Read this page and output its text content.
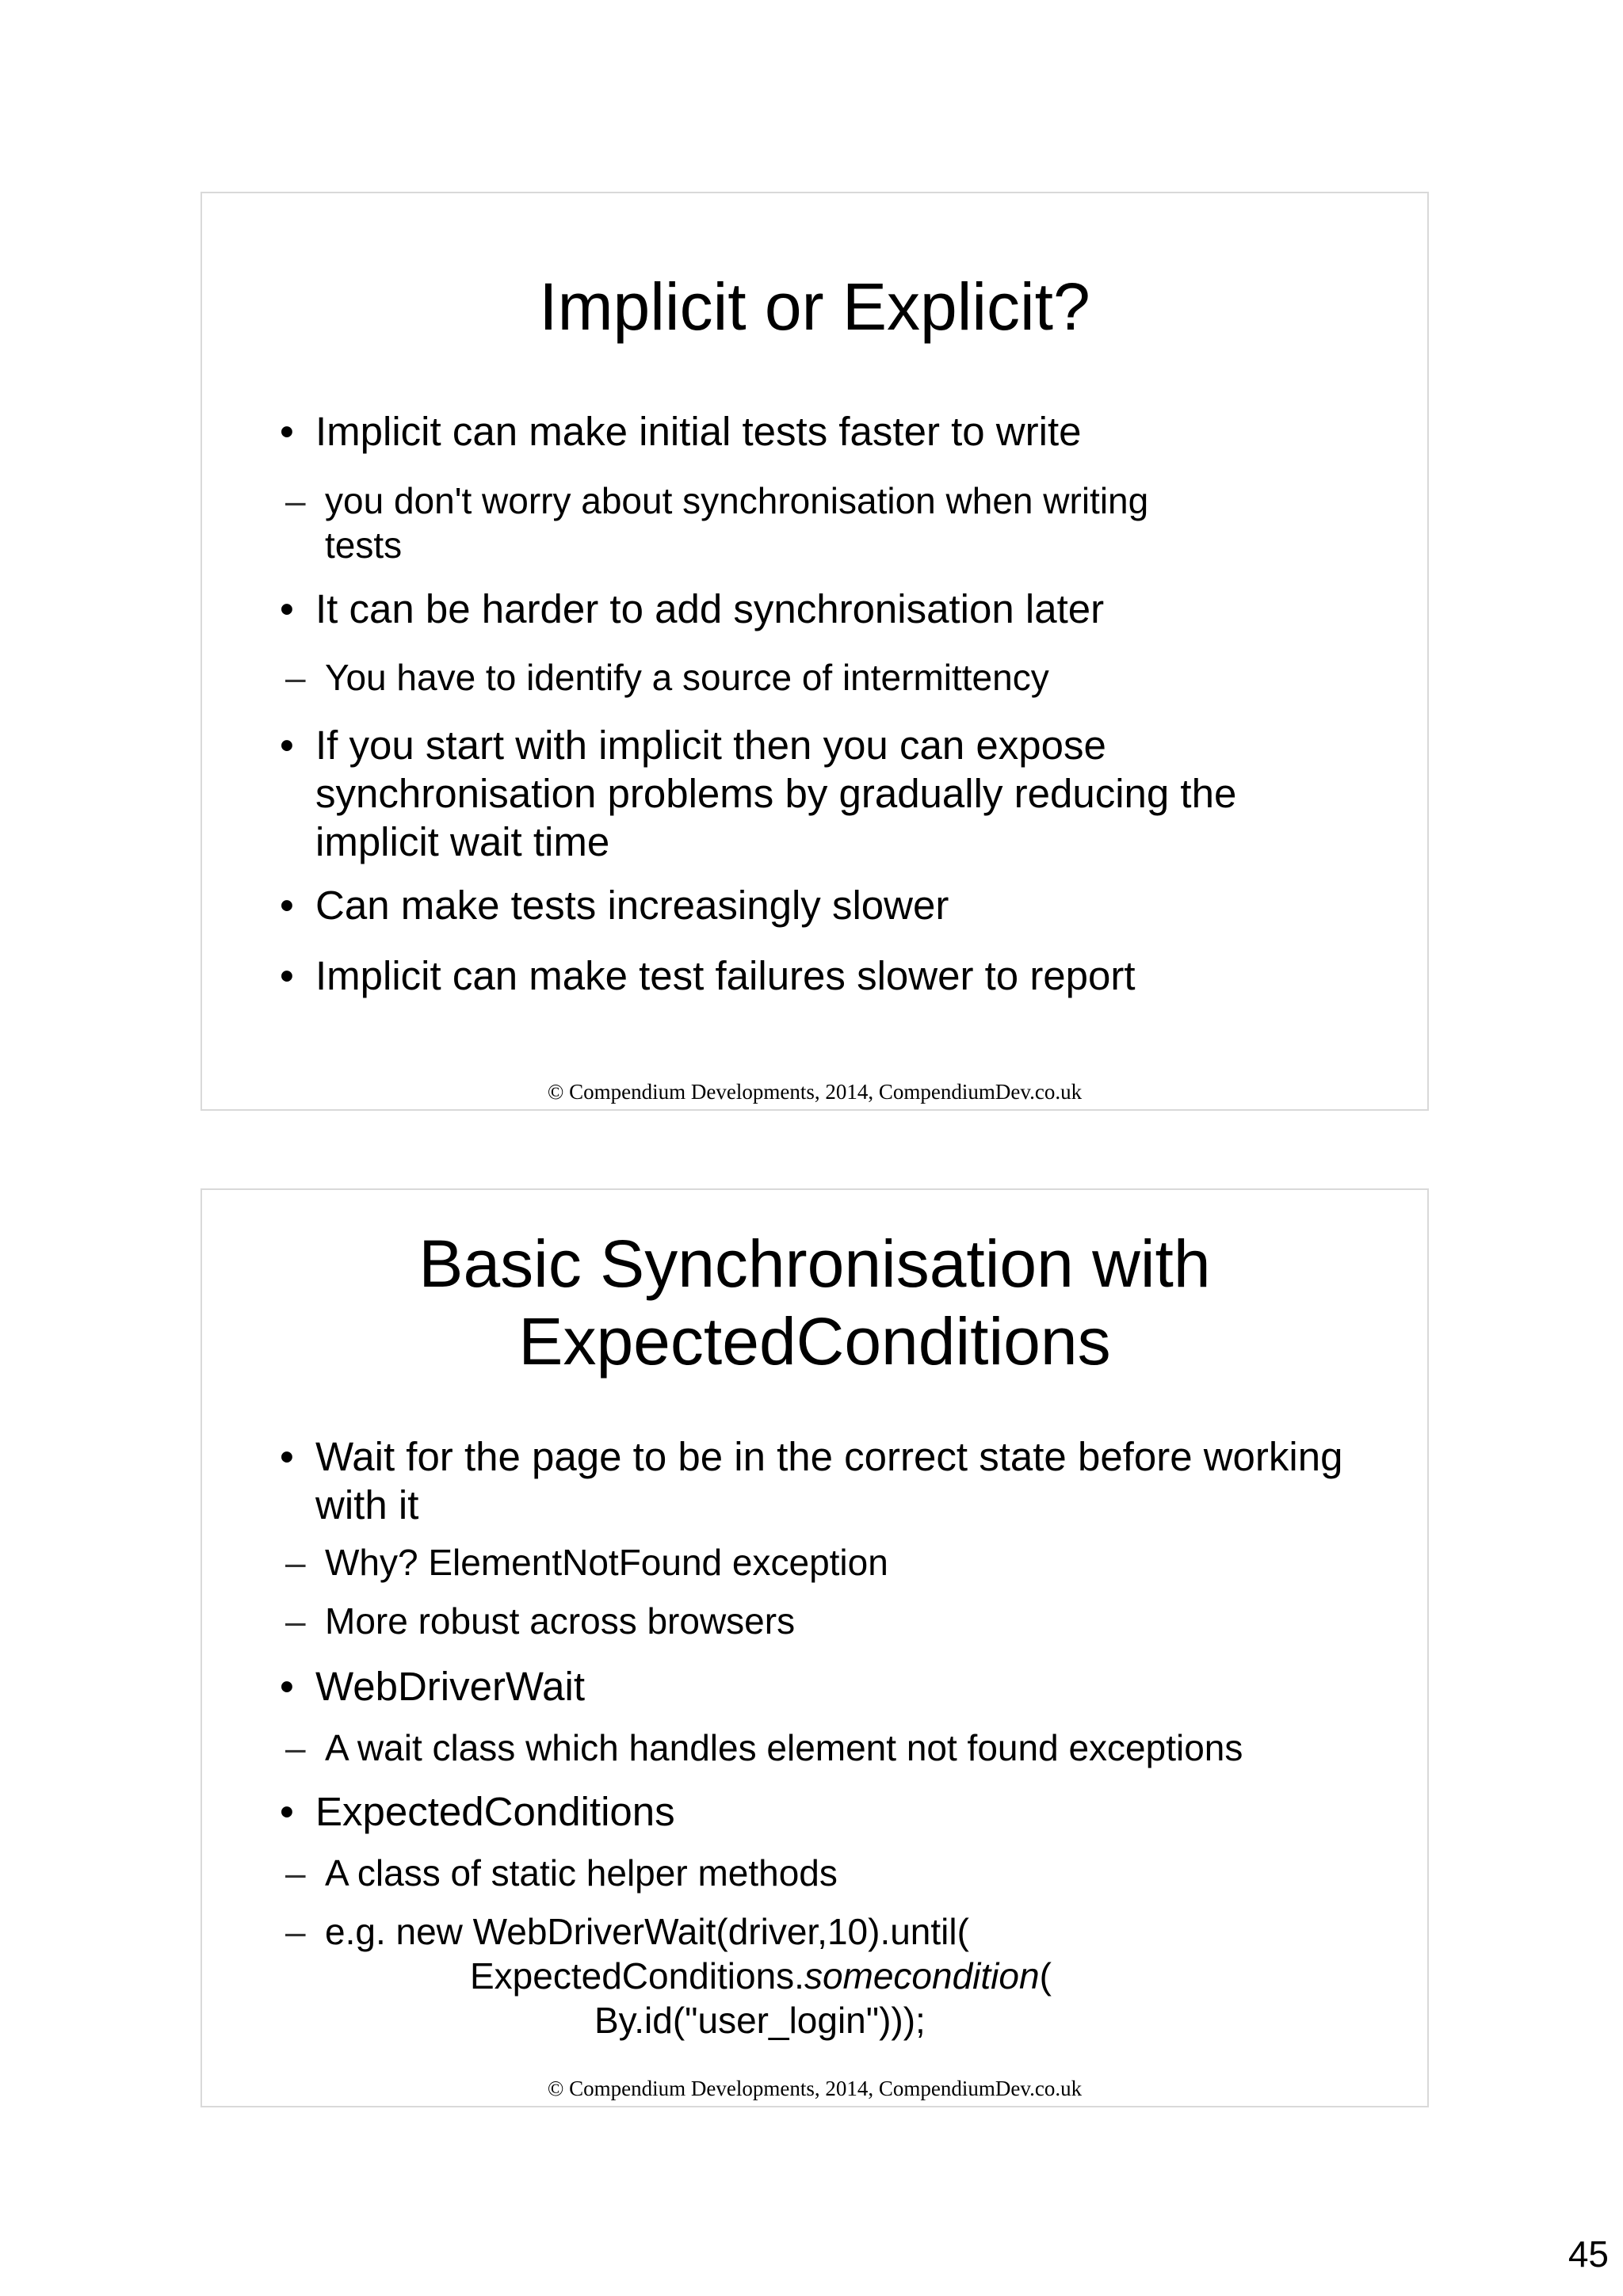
Implicit or Explicit?
• Implicit can make initial tests faster to write
– you don't worry about synchronisation when writing
tests
• It can be harder to add synchronisation later
– You have to identify a source of intermittency
• If you start with implicit then you can expose
synchronisation problems by gradually reducing the
implicit wait time
• Can make tests increasingly slower
• Implicit can make test failures slower to report
© Compendium Developments, 2014, CompendiumDev.co.uk
Basic Synchronisation with
ExpectedConditions
• Wait for the page to be in the correct state before working
with it
– Why? ElementNotFound exception
– More robust across browsers
• WebDriverWait
– A wait class which handles element not found exceptions
• ExpectedConditions
– A class of static helper methods
– e.g. new WebDriverWait(driver,10).until(
ExpectedConditions.somecondition(
By.id("user_login")));
© Compendium Developments, 2014, CompendiumDev.co.uk
45
